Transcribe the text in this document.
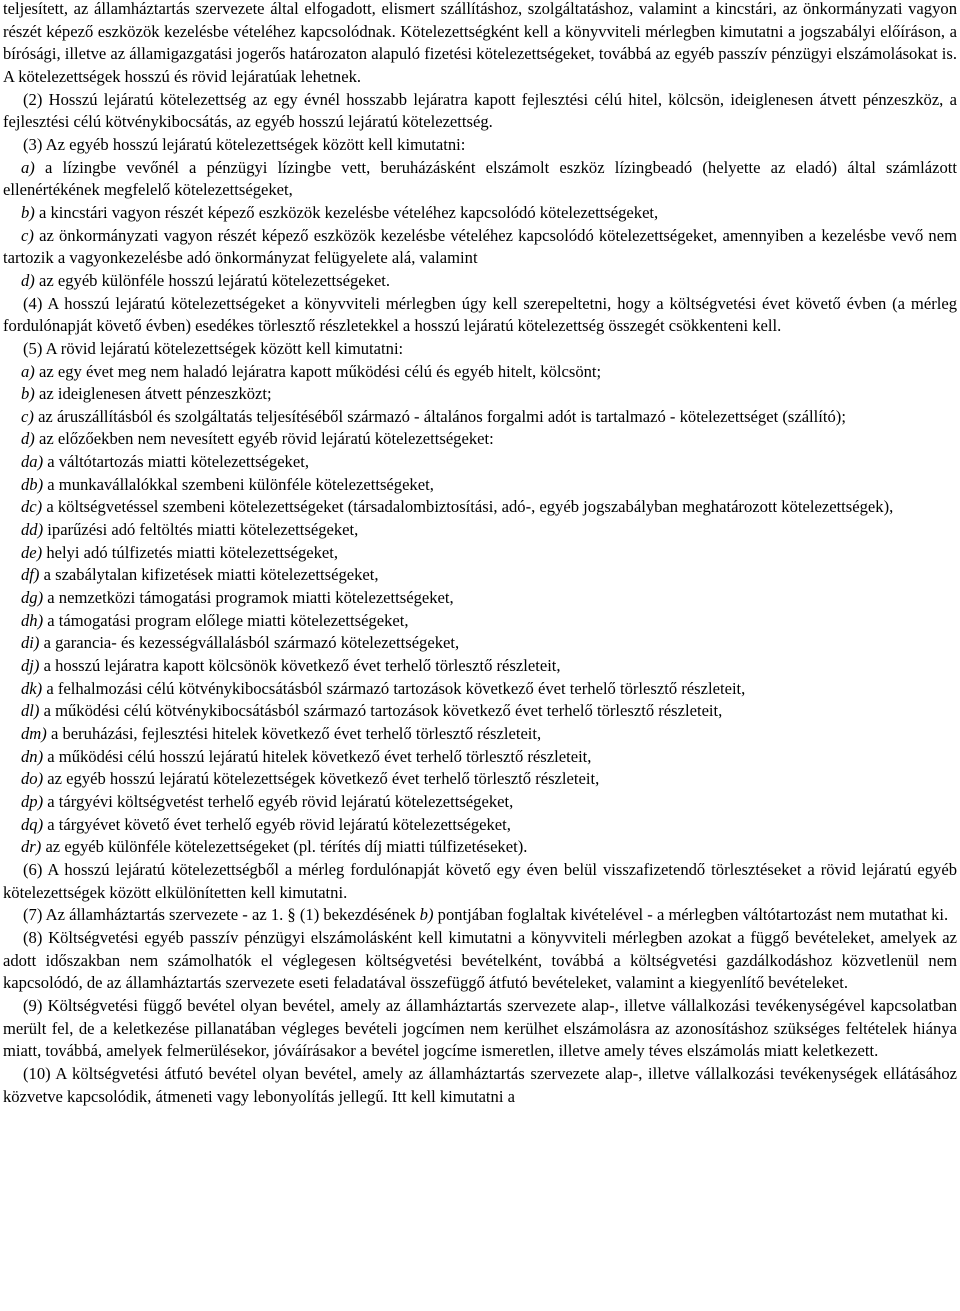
teljesített, az államháztartás szervezete által elfogadott, elismert szállításhoz, szolgáltatáshoz, valamint a kincstári, az önkormányzati vagyon részét képező eszközök kezelésbe vételéhez kapcsolódnak. Kötelezettségként kell a könyvviteli mérlegben kimutatni a jogszabályi előíráson, a bírósági, illetve az államigazgatási jogerős határozaton alapuló fizetési kötelezettségeket, továbbá az egyéb passzív pénzügyi elszámolásokat is. A kötelezettségek hosszú és rövid lejáratúak lehetnek.

(2) Hosszú lejáratú kötelezettség az egy évnél hosszabb lejáratra kapott fejlesztési célú hitel, kölcsön, ideiglenesen átvett pénzeszköz, a fejlesztési célú kötvénykibocsátás, az egyéb hosszú lejáratú kötelezettség.

(3) Az egyéb hosszú lejáratú kötelezettségek között kell kimutatni:

a) a lízingbe vevőnél a pénzügyi lízingbe vett, beruházásként elszámolt eszköz lízingbeadó (helyette az eladó) által számlázott ellenértékének megfelelő kötelezettségeket,

b) a kincstári vagyon részét képező eszközök kezelésbe vételéhez kapcsolódó kötelezettségeket,

c) az önkormányzati vagyon részét képező eszközök kezelésbe vételéhez kapcsolódó kötelezettségeket, amennyiben a kezelésbe vevő nem tartozik a vagyonkezelésbe adó önkormányzat felügyelete alá, valamint

d) az egyéb különféle hosszú lejáratú kötelezettségeket.

(4) A hosszú lejáratú kötelezettségeket a könyvviteli mérlegben úgy kell szerepeltetni, hogy a költségvetési évet követő évben (a mérleg fordulónapját követő évben) esedékes törlesztő részletekkel a hosszú lejáratú kötelezettség összegét csökkenteni kell.

(5) A rövid lejáratú kötelezettségek között kell kimutatni:

a) az egy évet meg nem haladó lejáratra kapott működési célú és egyéb hitelt, kölcsönt;

b) az ideiglenesen átvett pénzeszközt;

c) az áruszállításból és szolgáltatás teljesítéséből származó - általános forgalmi adót is tartalmazó - kötelezettséget (szállító);

d) az előzőekben nem nevesített egyéb rövid lejáratú kötelezettségeket:

da) a váltótartozás miatti kötelezettségeket,

db) a munkavállalókkal szembeni különféle kötelezettségeket,

dc) a költségvetéssel szembeni kötelezettségeket (társadalombiztosítási, adó-, egyéb jogszabályban meghatározott kötelezettségek),

dd) iparűzési adó feltöltés miatti kötelezettségeket,

de) helyi adó túlfizetés miatti kötelezettségeket,

df) a szabálytalan kifizetések miatti kötelezettségeket,

dg) a nemzetközi támogatási programok miatti kötelezettségeket,

dh) a támogatási program előlege miatti kötelezettségeket,

di) a garancia- és kezességvállalásból származó kötelezettségeket,

dj) a hosszú lejáratra kapott kölcsönök következő évet terhelő törlesztő részleteit,

dk) a felhalmozási célú kötvénykibocsátásból származó tartozások következő évet terhelő törlesztő részleteit,

dl) a működési célú kötvénykibocsátásból származó tartozások következő évet terhelő törlesztő részleteit,

dm) a beruházási, fejlesztési hitelek következő évet terhelő törlesztő részleteit,

dn) a működési célú hosszú lejáratú hitelek következő évet terhelő törlesztő részleteit,

do) az egyéb hosszú lejáratú kötelezettségek következő évet terhelő törlesztő részleteit,

dp) a tárgyévi költségvetést terhelő egyéb rövid lejáratú kötelezettségeket,

dq) a tárgyévet követő évet terhelő egyéb rövid lejáratú kötelezettségeket,

dr) az egyéb különféle kötelezettségeket (pl. térítés díj miatti túlfizetéseket).

(6) A hosszú lejáratú kötelezettségből a mérleg fordulónapját követő egy éven belül visszafizetendő törlesztéseket a rövid lejáratú egyéb kötelezettségek között elkülönítetten kell kimutatni.

(7) Az államháztartás szervezete - az 1. § (1) bekezdésének b) pontjában foglaltak kivételével - a mérlegben váltótartozást nem mutathat ki.

(8) Költségvetési egyéb passzív pénzügyi elszámolásként kell kimutatni a könyvviteli mérlegben azokat a függő bevételeket, amelyek az adott időszakban nem számolhatók el véglegesen költségvetési bevételként, továbbá a költségvetési gazdálkodáshoz közvetlenül nem kapcsolódó, de az államháztartás szervezete eseti feladatával összefüggő átfutó bevételeket, valamint a kiegyenlítő bevételeket.

(9) Költségvetési függő bevétel olyan bevétel, amely az államháztartás szervezete alap-, illetve vállalkozási tevékenységével kapcsolatban merült fel, de a keletkezése pillanatában végleges bevételi jogcímen nem kerülhet elszámolásra az azonosításhoz szükséges feltételek hiánya miatt, továbbá, amelyek felmerülésekor, jóváírásakor a bevétel jogcíme ismeretlen, illetve amely téves elszámolás miatt keletkezett.

(10) A költségvetési átfutó bevétel olyan bevétel, amely az államháztartás szervezete alap-, illetve vállalkozási tevékenységek ellátásához közvetve kapcsolódik, átmeneti vagy lebonyolítás jellegű. Itt kell kimutatni a
